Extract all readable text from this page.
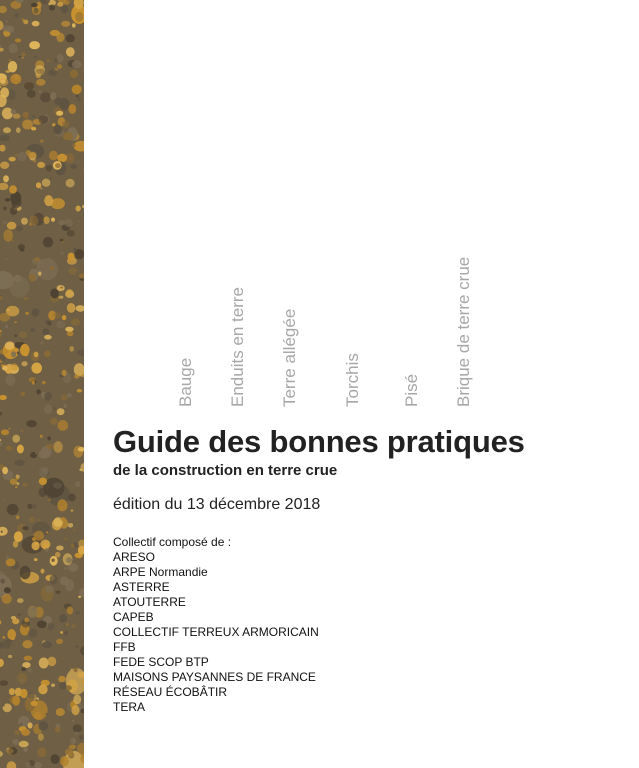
Bauge Enduits en terre Terre allégée	Torchis Pisé Brique de terre crue
Guide des bonnes pratiques
de la construction en terre crue

édition du 13 décembre 2018

Collectif composé de :

ARESO
ARPE Normandie
ASTERRE
ATOUTERRE
CAPEB
COLLECTIF TERREUX ARMORICAIN
FFB
FEDE SCOP BTP
MAISONS PAYSANNES DE FRANCE
RÉSEAU ÉCOBÂTIR
TERA
